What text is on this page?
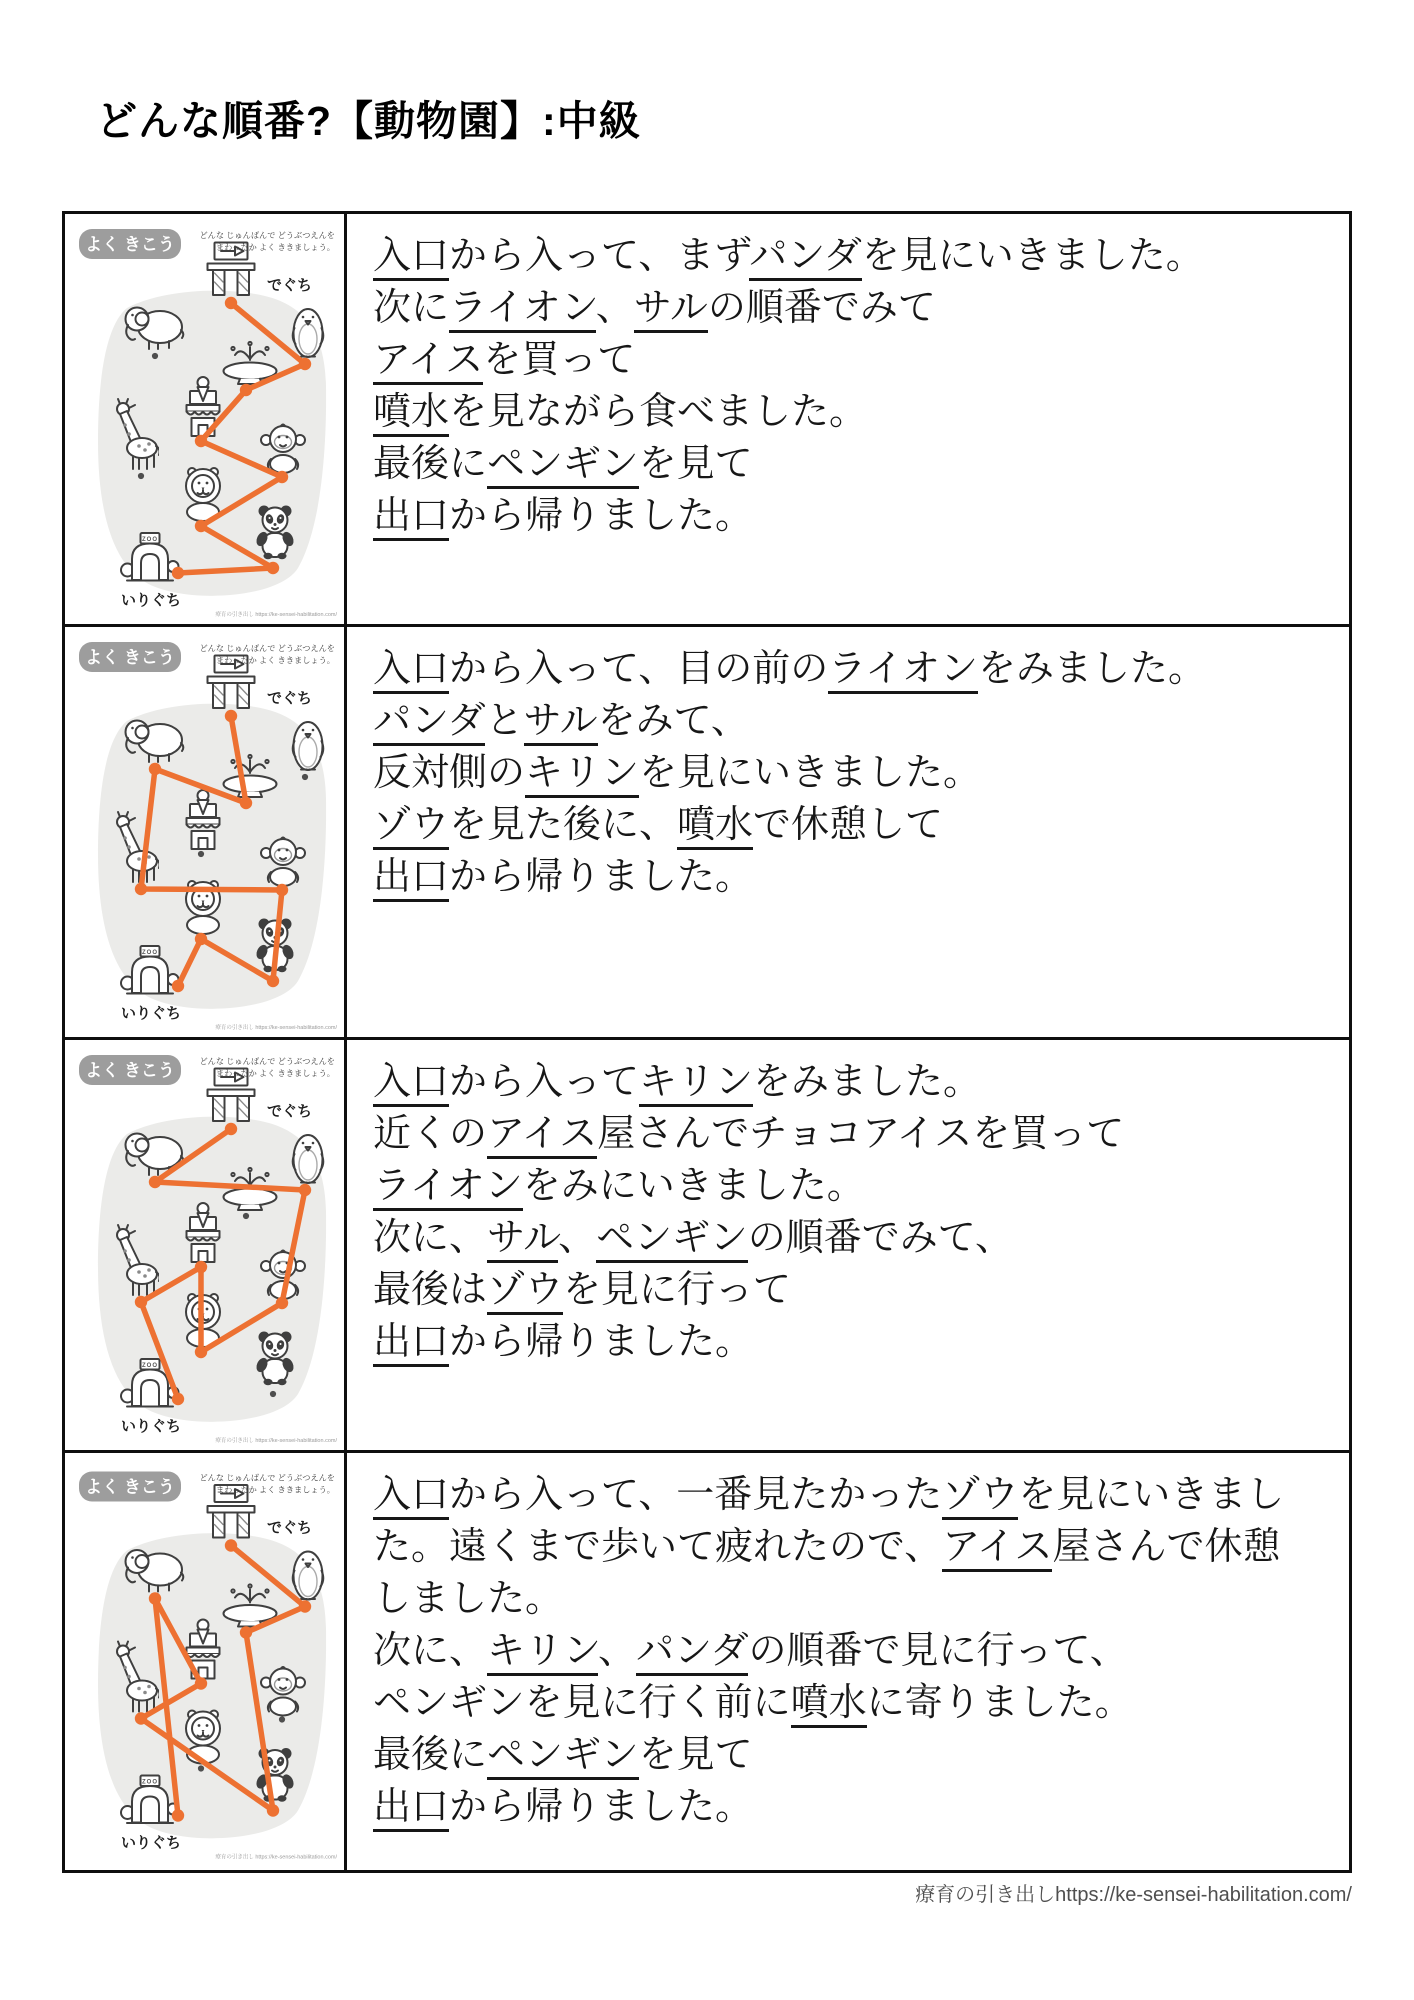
どんな順番?【動物園】:中級
よく きこう	どんな じゅんばんで どうぶつえんを
まわったか よく ききましょう。
でぐち
いりぐち
ZOO
療育の引き出し https://ke-sensei-habilitation.com/

入口から入って、まずパンダを見にいきました。

次にライオン、サルの順番でみて

アイスを買って

噴水を見ながら食べました。

最後にペンギンを見て

出口から帰りました。

よく きこう	どんな じゅんばんで どうぶつえんを
まわったか よく ききましょう。
でぐち
いりぐち
ZOO
療育の引き出し https://ke-sensei-habilitation.com/

入口から入って、目の前のライオンをみました。

パンダとサルをみて、

反対側のキリンを見にいきました。

ゾウを見た後に、噴水で休憩して

出口から帰りました。

よく きこう	どんな じゅんばんで どうぶつえんを
まわったか よく ききましょう。
でぐち
いりぐち
ZOO
療育の引き出し https://ke-sensei-habilitation.com/

入口から入ってキリンをみました。

近くのアイス屋さんでチョコアイスを買って

ライオンをみにいきました。

次に、サル、ペンギンの順番でみて、

最後はゾウを見に行って

出口から帰りました。

よく きこう	どんな じゅんばんで どうぶつえんを
まわったか よく ききましょう。
でぐち
いりぐち
ZOO
療育の引き出し https://ke-sensei-habilitation.com/

入口から入って、一番見たかったゾウを見にいきました。遠くまで歩いて疲れたので、アイス屋さんで休憩しました。

次に、キリン、パンダの順番で見に行って、

ペンギンを見に行く前に噴水に寄りました。

最後にペンギンを見て

出口から帰りました。

療育の引き出しhttps://ke-sensei-habilitation.com/
